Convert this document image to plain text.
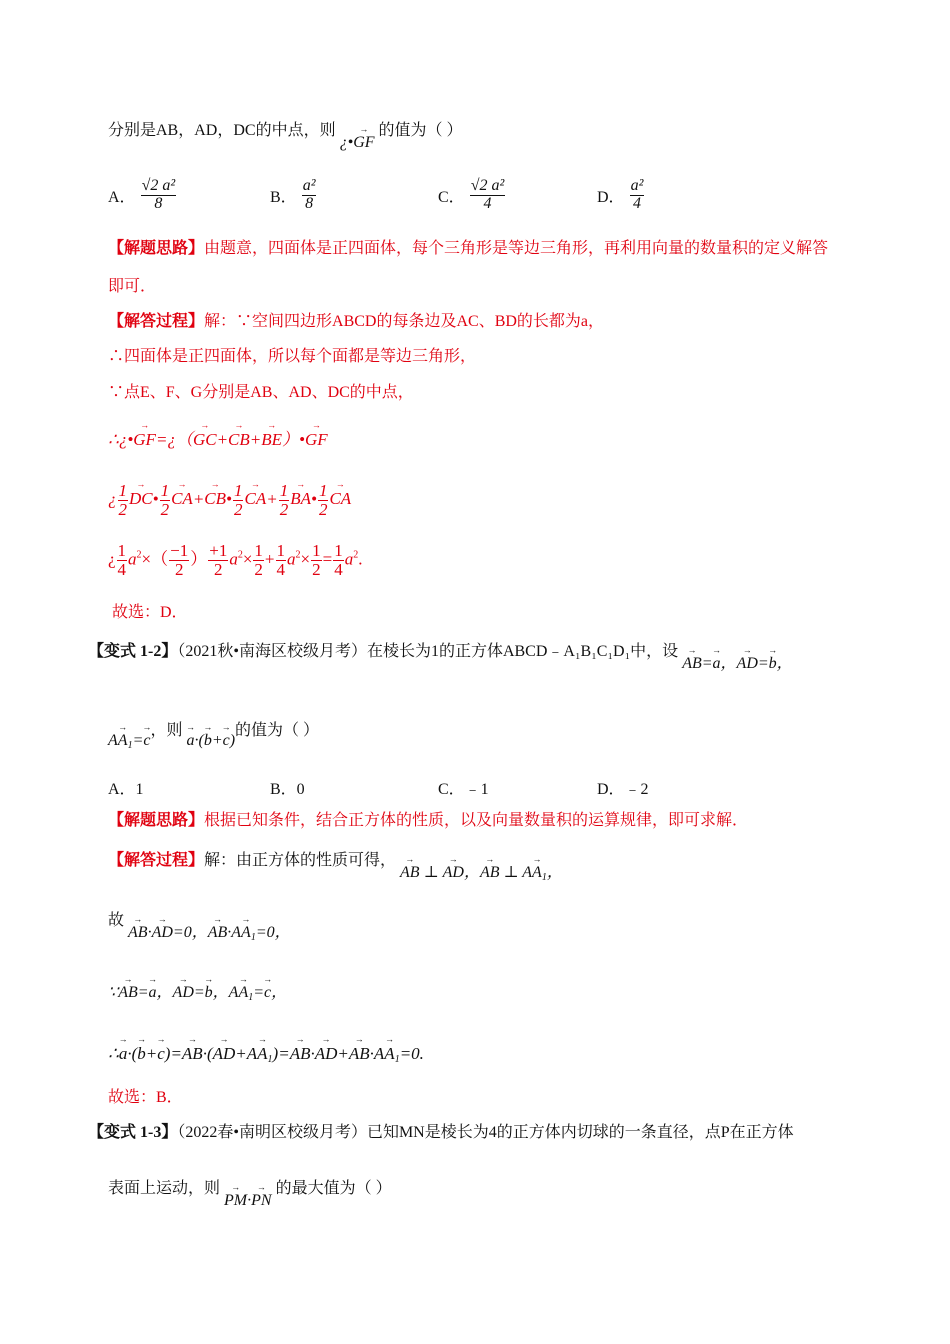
分别是AB，AD，DC的中点，则 ¿•→ GF 的值为（ ）
A． $\frac{\text{√2 a²}}{8}$	B． $\frac{\text{a²}}{8}$	C． $\frac{\text{√2 a²}}{4}$	D． $\frac{\text{a²}}{4}$
【解题思路】由题意，四面体是正四面体，每个三角形是等边三角形，再利用向量的数量积的定义解答
即可．
【解答过程】解：∵空间四边形ABCD的每条边及AC、BD的长都为a，
∴四面体是正四面体，所以每个面都是等边三角形，
∵点E、F、G分别是AB、AD、DC的中点，
∴¿•→ GF=¿（→ GC+→ CB+→ BE）•→ GF
¿ $\frac{1}{2}$
→ DC• $\frac{1}{2}$
→ CA+→ CB• $\frac{1}{2}$
→ $CA+ \frac{1}{2}$
→ BA• $\frac{1}{2}$
→ CA
¿ $\frac{1}{4} a^2\times( \frac{-1}{2}$ ） $\frac{+1}{2} a^2\times \frac{1}{2} + \frac{1}{4} a^2\times \frac{1}{2} = \frac{1}{4} a^2$.
故选：D．
【变式 1-2】（2021秋•南海区校级月考）在棱长为1的正方体ABCD﹣A₁B₁C₁D₁中，设 → AB=→ a，→ AD=→ b，
$A\to A_1=\to c$，则 → a·(→ b+→ c)的值为（ ）
A．1	B．0	C．﹣1	D．﹣2
【解题思路】根据已知条件，结合正方体的性质，以及向量数量积的运算规律，即可求解．
【解答过程】解：由正方体的性质可得， → AB ⊥ → AD，→ AB ⊥ $A\to A_1$，
故 → AB·→ AD=0，→ $AB\cdot A\to A_1=0$，
∵→ AB=→ a，→ AD=→ b，$A\to A_1=\to c$，
∴→ $a\cdot(\to b+\to c)=\to AB\cdot(\to AD+A\to A_1)=\to AB\cdot\to AD+\to AB\cdot A\to A_1=0$.
故选：B．
【变式 1-3】（2022春•南明区校级月考）已知MN是棱长为4的正方体内切球的一条直径，点P在正方体
表面上运动，则 → PM·→ PN 的最大值为（ ）
